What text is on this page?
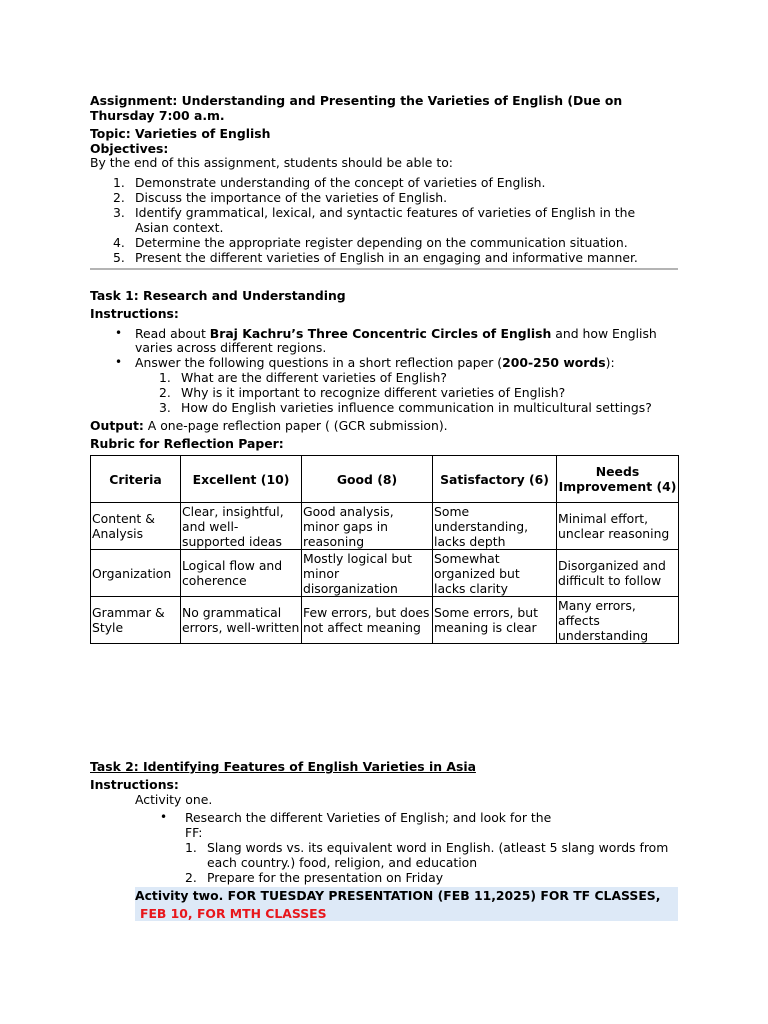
Assignment: Understanding and Presenting the Varieties of English (Due on
Thursday 7:00 a.m.
Topic: Varieties of English
Objectives:
By the end of this assignment, students should be able to:
1. Demonstrate understanding of the concept of varieties of English.
2. Discuss the importance of the varieties of English.
3. Identify grammatical, lexical, and syntactic features of varieties of English in the
Asian context.
4. Determine the appropriate register depending on the communication situation.
5. Present the different varieties of English in an engaging and informative manner.
Task 1: Research and Understanding
Instructions:
• Read about Braj Kachru’s Three Concentric Circles of English and how English
varies across different regions.
• Answer the following questions in a short reflection paper (200-250 words):
1. What are the different varieties of English?
2. Why is it important to recognize different varieties of English?
3. How do English varieties influence communication in multicultural settings?
Output: A one-page reflection paper ( (GCR submission).
Rubric for Reflection Paper:
Criteria	Excellent (10)	Good (8)	Satisfactory (6)	Needs Improvement (4)
Content & Analysis	Clear, insightful, and well-supported ideas	Good analysis, minor gaps in reasoning	Some understanding, lacks depth	Minimal effort, unclear reasoning
Organization	Logical flow and coherence	Mostly logical but minor disorganization	Somewhat organized but lacks clarity	Disorganized and difficult to follow
Grammar & Style	No grammatical errors, well-written	Few errors, but does not affect meaning	Some errors, but meaning is clear	Many errors, affects understanding
Task 2: Identifying Features of English Varieties in Asia
Instructions:
Activity one.
• Research the different Varieties of English; and look for the
FF:
1. Slang words vs. its equivalent word in English. (atleast 5 slang words from
each country.) food, religion, and education
2. Prepare for the presentation on Friday
Activity two. FOR TUESDAY PRESENTATION (FEB 11,2025) FOR TF CLASSES,
FEB 10, FOR MTH CLASSES
